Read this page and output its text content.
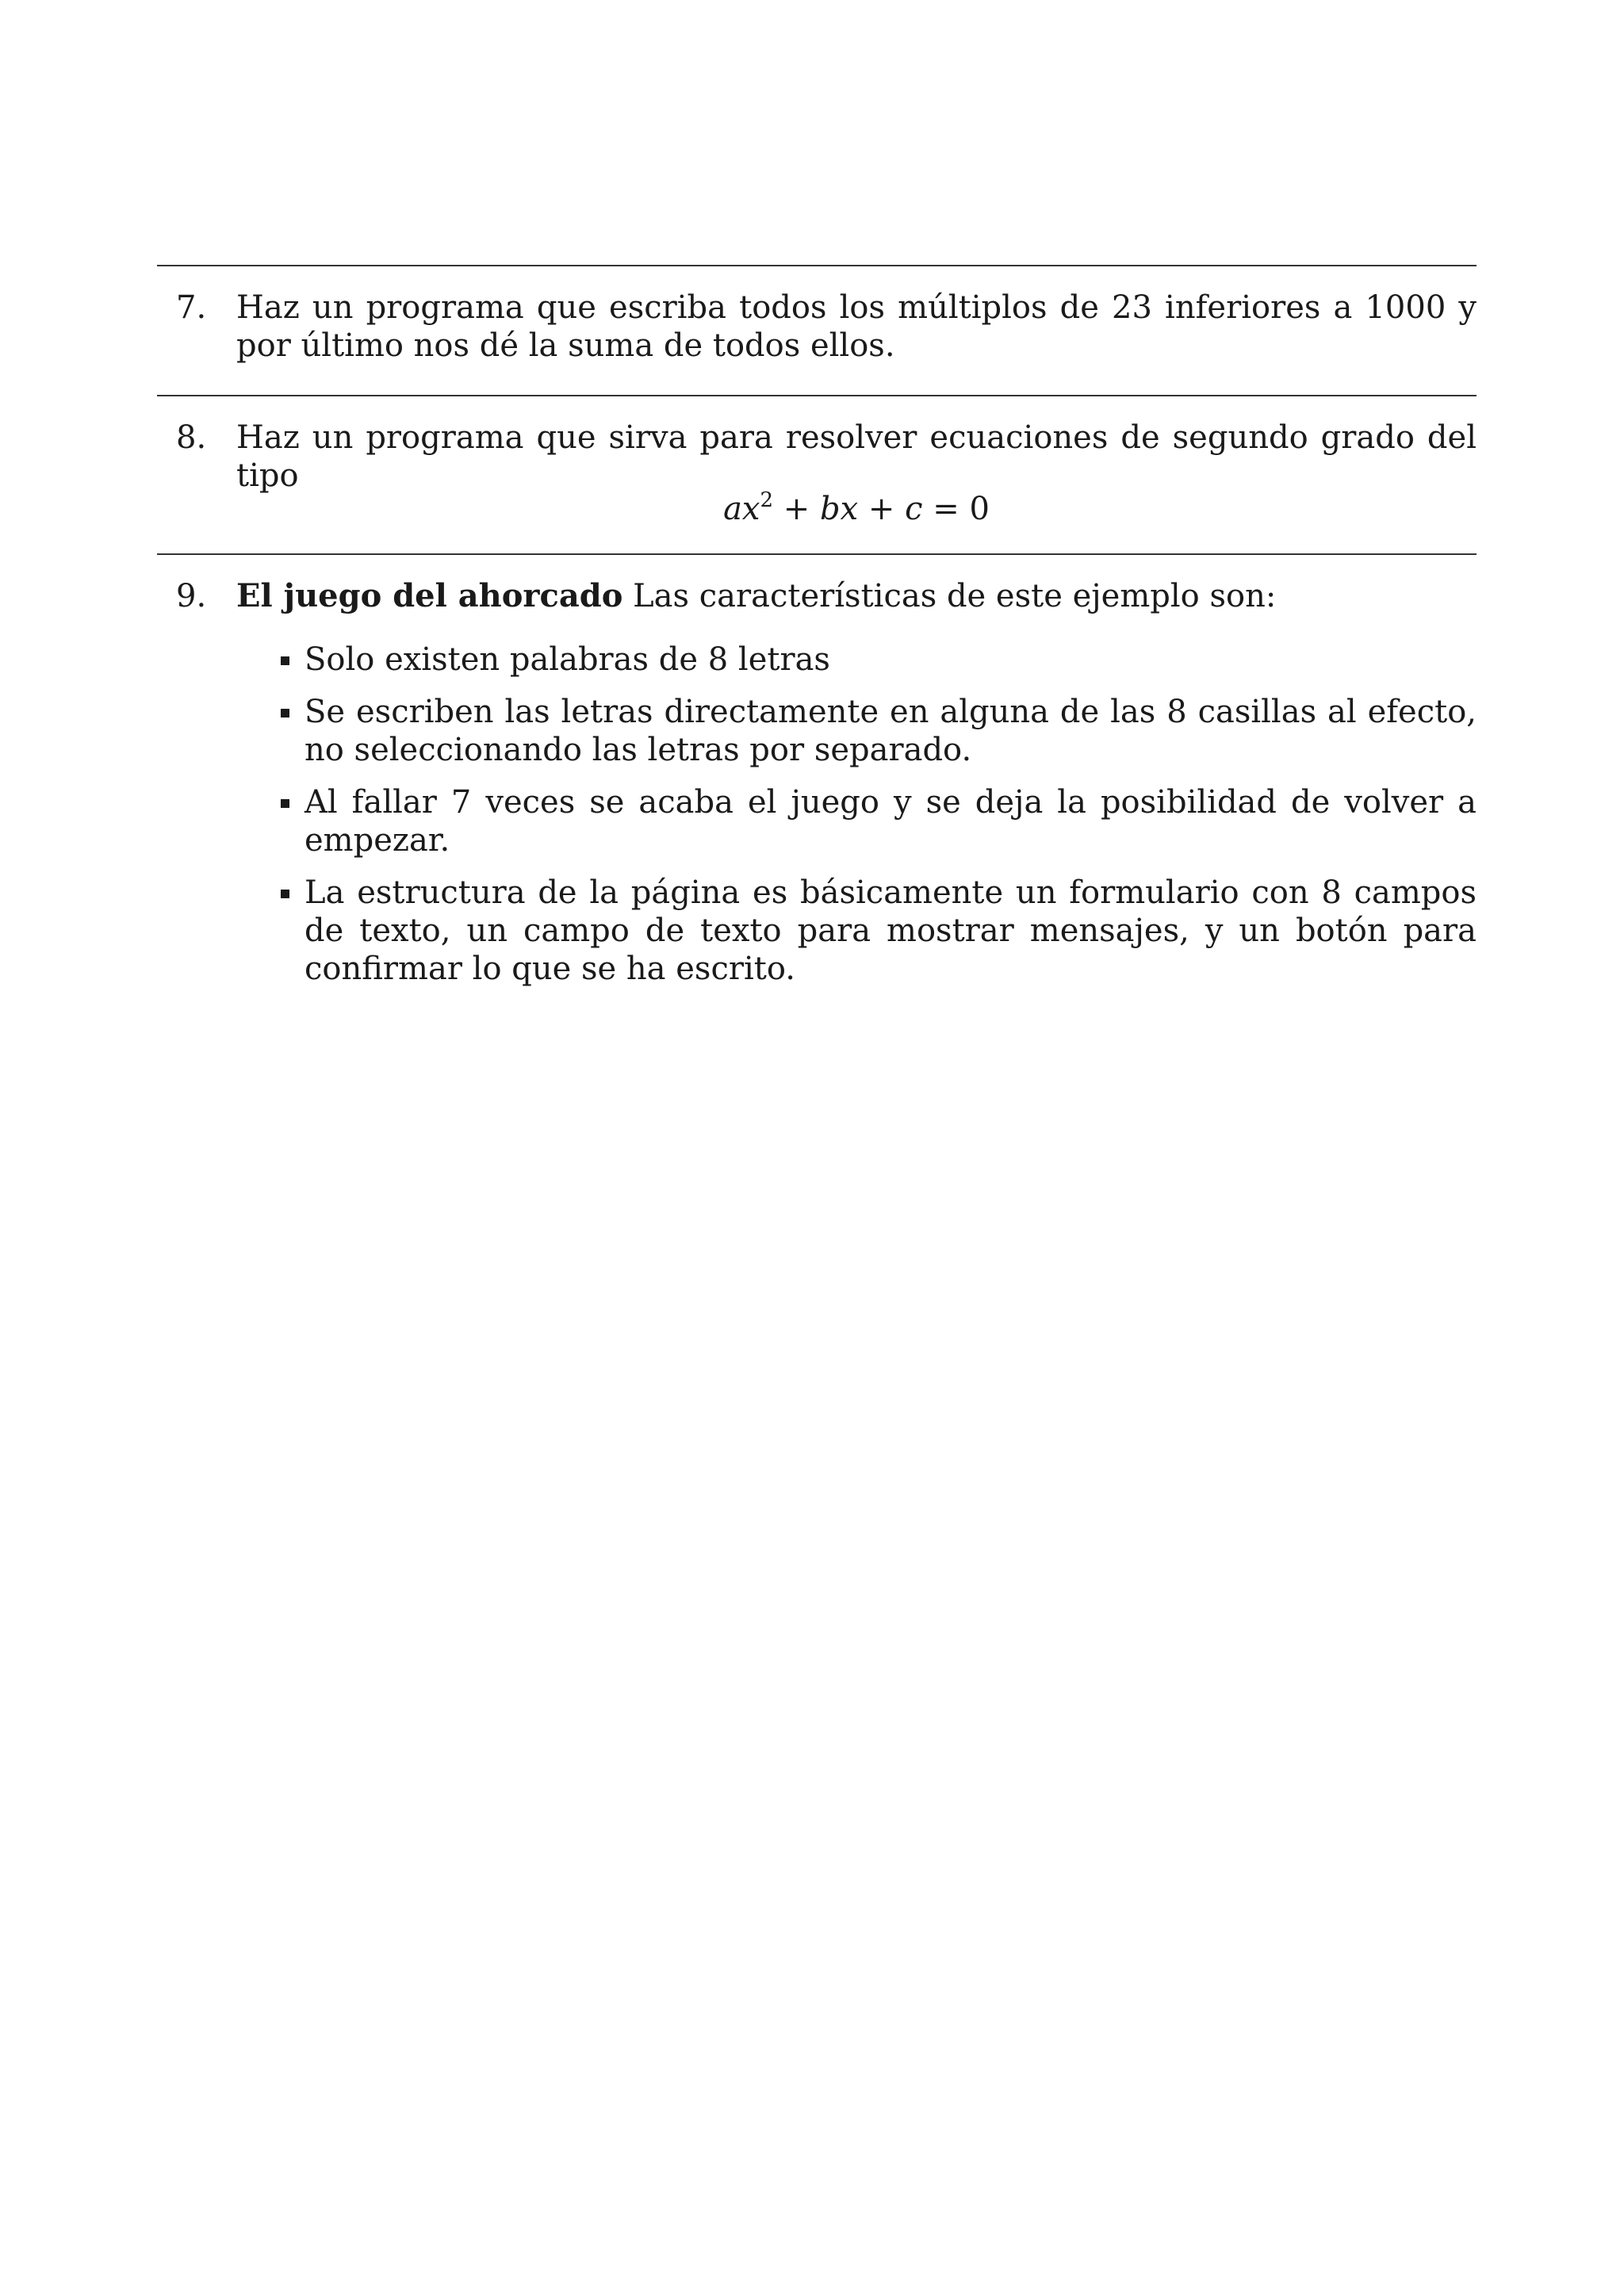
7. Haz un programa que escriba todos los múltiplos de 23 inferiores a 1000 y por último nos dé la suma de todos ellos.
8. Haz un programa que sirva para resolver ecuaciones de segundo grado del tipo
$ax^2$ + bx + c = 0
9. El juego del ahorcado Las características de este ejemplo son:
Solo existen palabras de 8 letras
Se escriben las letras directamente en alguna de las 8 casillas al efecto, no seleccionando las letras por separado.
Al fallar 7 veces se acaba el juego y se deja la posibilidad de volver a empezar.
La estructura de la página es básicamente un formulario con 8 campos de texto, un campo de texto para mostrar mensajes, y un botón para confirmar lo que se ha escrito.
